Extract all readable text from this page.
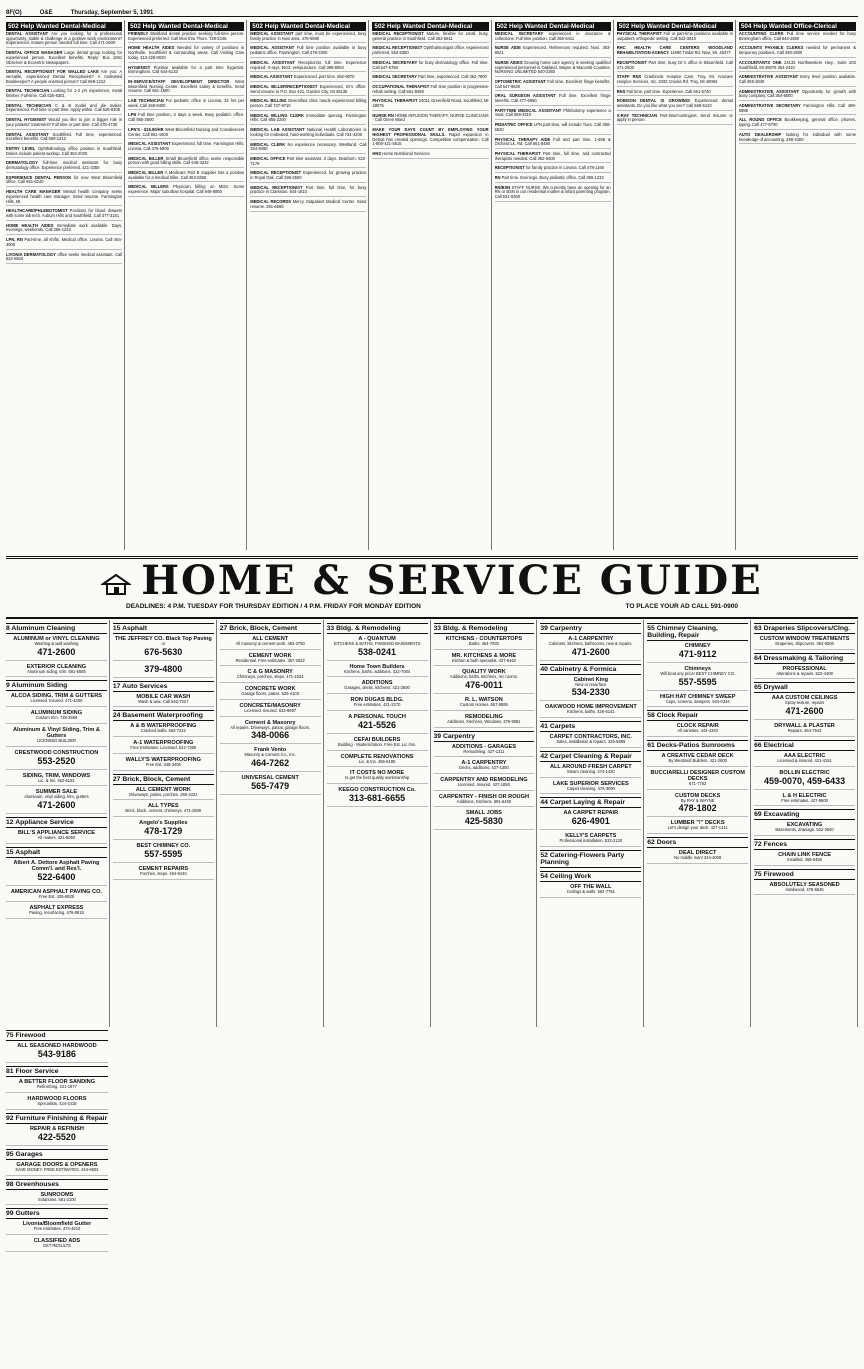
8F(O)	O&E	Thursday, September 5, 1991
502 Help Wanted Dental-Medical
DENTAL ASSISTANT Are you looking for a professional opportunity, stable & challenge in a positive work environment? Experienced, mature person needed full time. Call 471-2600
DENTAL OFFICE MANAGER Large dental group looking for experienced person. Excellent benefits. Reply: Box 1061 Observer & Eccentric Newspapers.
DENTAL RECEPTIONIST FOR WALLED LAKE Are you: A versatile, experienced Dental Receptionist? A motivated Bookkeeper? A people oriented person? Call 669-1212
DENTAL TECHNICIAN Looking for 1-3 yrs experience, metal finisher. Full-time. Call 625-8301
DENTAL TECHNICIAN C & B model and die maker. Experienced. Full time or part time. Apply within. Call 626-8305
DENTAL HYGIENIST Would you like to join a bigger role in your patients' treatment? Full time or part time. Call 478-4730
DENTAL ASSISTANT Southfield. Full time, experienced. Excellent benefits. Call 559-1212
ENTRY LEVEL Ophthalmology office position in Southfield. Duties include patient workup. Call 354-2020
DERMATOLOGY full-time medical assistant for busy dermatology office. Experience preferred. 421-3350
EXPERIENCE DENTAL PERSON for new West Bloomfield office. Call 851-6240
HEALTH CARE MANAGER Mental health company seeks experienced health care manager. Send resume. Farmington Hills, MI
HEALTHCARE/PHLEBOTOMIST Positions for blood drawers with some lab tech. Auburn Hills and Southfield. Call 377-3151
HOME HEALTH AIDES Immediate work available. Days, evenings, weekends. Call 356-1233
LPN, RN Part-time, all shifts. Medical office. Livonia. Call 464-3000
LIVONIA DERMATOLOGY office seeks medical assistant. Call 522-6510
502 Help Wanted Dental-Medical
FRIENDLY Westland dental practice seeking full-time person. Experienced preferred. Call Mon thru Thurs. 728-2346
HOME HEALTH AIDES Needed for variety of positions in Northville, Southfield & surrounding areas. Call Visiting Care today. 313-229-0020
HYGIENIST Position available for a part time hygienist. Birmingham. Call 644-6133
IN-SERVICE/STAFF DEVELOPMENT DIRECTOR West Bloomfield Nursing Center. Excellent salary & benefits. Send resume. Call 661-1600
LAB TECHNICIAN For pediatric office in Livonia, 32 hrs per week. Call 468-8400
LPN Full time position, 3 days a week. Busy pediatric office. Call 855-2600
LPN'S - $15.50/HR West Bloomfield Nursing and Convalescent Center. Call 661-1600
MEDICAL ASSISTANT Experienced, full time. Farmington Hills, Livonia. Call 476-5900
MEDICAL BILLER Small Bloomfield office seeks responsible person with good billing skills. Call 646-4242
MEDICAL BILLER A Medicare Part B Supplier has a position available for a medical biller. Call 363-0360
MEDICAL BILLERS Physician billing on MDS. Some experience. Major suburban hospital. Call 948-8860
502 Help Wanted Dental-Medical
MEDICAL ASSISTANT part time, must be experienced, busy family practice in Novi area. 478-0080
MEDICAL ASSISTANT Full time position available in busy pediatric office. Farmington. Call 478-3300
MEDICAL ASSISTANT Receptionist, full time. Experience required. X-rays, EKG, venipuncture. Call 399-8063
MEDICAL ASSISTANT Experienced, part time. 652-9070
MEDICAL BILLER/RECEPTIONIST Experienced, Dr's office. Send resume to P.O. Box 421, Garden City, MI 48135
MEDICAL BILLING Diversified clinic needs experienced billing person. Call 737-8710
MEDICAL BILLING CLERK Immediate opening. Farmington Hills. Call 855-2200
MEDICAL LAB ASSISTANT National Health Laboratories is looking for motivated, hard-working individuals. Call 734-4200
MEDICAL CLERK No experience necessary. Westland. Call 334-8490
MEDICAL OFFICE Part time assistant. 3 days. Dearborn. 522-7178
MEDICAL RECEPTIONIST Experienced, for growing practice in Royal Oak. Call 286-2500
MEDICAL RECEPTIONIST Part time, full time, for busy practice in Clarkston. 644-1810
MEDICAL RECORDS Mercy Outpatient Medical Center. Send resume. 261-6560
502 Help Wanted Dental-Medical
MEDICAL RECEPTIONIST Mature, flexible for small, busy, general practice in Southfield. Call 362-6611
MEDICAL RECEPTIONIST Ophthalmologist office, experienced preferred. 552-5350
MEDICAL SECRETARY for busy dermatology office. Full time. Call 647-5750
MEDICAL SECRETARY Part time, experienced. Call 352-7800
OCCUPATIONAL THERAPIST Full time position in progressive rehab setting. Call 661-8480
PHYSICAL THERAPIST 24011 Greenfield Road, Southfield, MI 48075
NURSE RN HOME INFUSION THERAPY, NURSE CLINICIANS - Call Glenn Ward
MAKE YOUR DAYS COUNT BY EMPLOYING YOUR HIGHEST PROFESSIONAL SKILLS. Rapid expansion in Detroit has created openings. Competitive compensation. Call 1-800-421-5515
HNS Home Nutritional Services
502 Help Wanted Dental-Medical
MEDICAL SECRETARY experienced in insurance & collections. Full time position. Call 356-6411
NURSE AIDE Experienced. References required. Novi. 363-8021
NURSE AIDES Growing home care agency is seeking qualified experienced personnel in Oakland, Wayne & Macomb Counties. NURSING UNLIMITED 540-2360
OPTOMETRIC ASSISTANT Full time. Excellent fringe benefits. Call 547-9830
ORAL SURGEON ASSISTANT Full time. Excellent fringe benefits. Call 477-6950
PART-TIME MEDICAL ASSISTANT Phlebotomy experience a must. Call 559-3310
PEDIATRIC OFFICE LPN part time, will include Tues. Call 358-6620
PHYSICAL THERAPY AIDE Full and part time. 1-696 & Orchard Lk. Rd. Call 661-8480
PHYSICAL THERAPIST Part time, full time, and contracted therapists needed. Call 362-0400
RECEPTIONIST for family practice in Livonia. Call 478-1166
RN Part time. Evenings. Busy pediatric office. Call 356-1233
RN/BSN STAFF NURSE. We currently have an opening for an RN or BSN in our residential mother & infant parenting program. Call 531-5300
502 Help Wanted Dental-Medical
PHYSICAL THERAPIST Full or part-time positions available in outpatient orthopedic setting. Call 542-3910
RHC HEALTH CARE CENTERS WOODLAND REHABILITATION AGENCY 11990 Tindal Rd. Novi, MI. 48377
RECEPTIONIST Part time, busy Dr.'s office in Bloomfield. Call 471-2600
STAFF RNS Cranbrook Hospice Care, Troy, MI. Amicare Hospice Services, Inc. 3333 Crooks Rd. Troy, MI 48084
RNS Full time, part time. Experience. Call 661-6740
ROBISON DENTAL IS GROWING! Experienced dental assistants. Do you like what you see? Call 669-5410
X-RAY TECHNICIAN Part-time/contingent. Send resume or apply in person.
504 Help Wanted Office-Clerical
ACCOUNTING CLERK Full time service needed for busy Birmingham office. Call 644-2600
ACCOUNTS PAYABLE CLERKS needed for permanent & temporary positions. Call 350-2600
ACCOUNTANTS ONE 24133 Northwestern Hwy., Suite 202 Southfield, MI 48075 354-2410
ADMINISTRATIVE ASSISTANT Entry level position available. Call 355-3040
ADMINISTRATIVE ASSISTANT Opportunity for growth with busy company. Call 354-8500
ADMINISTRATIVE SECRETARY Farmington Hills. Call 489-0888
ALL ROUND OFFICE Bookkeeping, general office, phones, typing. Call 477-8700
AUTO DEALERSHIP looking for individual with some knowledge of accounting. 258-4300
HOME & SERVICE GUIDE
DEADLINES: 4 P.M. TUESDAY FOR THURSDAY EDITION / 4 P.M. FRIDAY FOR MONDAY EDITION	TO PLACE YOUR AD CALL 591-0900
8 Aluminum Cleaning
ALUMINUM or VINYL CLEANING
Washing & wall washing
471-2600
EXTERIOR CLEANING
Aluminum siding, trim. 591-5556
9 Aluminum Siding
ALCOA SIDING, TRIM & GUTTERS
Licensed. Insured. 471-4300
ALUMINUM SIDING
Custom trim. 728-2869
Aluminum & Vinyl Siding, Trim & Gutters
LICENSED BUILDER
CRESTWOOD CONSTRUCTION
553-2520
SIDING, TRIM, WINDOWS
Lic. & Ins. 462-6181
SUMMER SALE
Aluminum, vinyl siding, trim, gutters
471-2600
12 Appliance Service
BILL'S APPLIANCE SERVICE
All makes. 421-5050
15 Asphalt
Albert A. Dettore Asphalt Paving Comm'l. and Res'l.
522-6400
AMERICAN ASPHALT PAVING CO.
Free Est. 435-6928
ASPHALT EXPRESS
Paving, resurfacing. 476-8815
15 Asphalt
THE JEFFREY CO. Black Top Paving
or
676-5630
379-4800
17 Auto Services
MOBILE CAR WASH
Wash & wax. Call 562-7227
24 Basement Waterproofing
A & B WATERPROOFING
Cracked walls. 563-7222
A-1 WATERPROOFING
Free Estimates. Licensed. 522-7390
WALLY'S WATERPROOFING
Free Est. 348-3406
27 Brick, Block, Cement
ALL CEMENT WORK
Driveways, patios, porches. 255-2222
ALL TYPES
Brick, block, cement, chimneys. 471-2600
Angelo's Supplies
478-1729
BEST CHIMNEY CO.
557-5595
CEMENT REPAIRS
Porches, steps. 464-8440
27 Brick, Block, Cement
ALL CEMENT
All masonry & cement work. 453-3750
CEMENT WORK
Residential. Free estimates. 357-2822
C & G MASONRY
Chimneys, porches, steps. 471-1534
CONCRETE WORK
Garage floors, patios. 525-4103
CONCRETE/MASONRY
Licensed. Insured. 532-8897
Cement & Masonry
All repairs. Driveways, patios, garage floors.
348-0066
Frank Vento
Masonry & Cement Co., Inc.
464-7262
UNIVERSAL CEMENT
565-7479
33 Bldg. & Remodeling
A - QUANTUM
KITCHENS & BATHS, FINISHED BASEMENTS
538-0241
Home Town Builders
Kitchens, baths, additions. 422-7004
ADDITIONS
Garages, decks, kitchens. 421-2500
RON DUGAS BLDG.
Free estimates. 421-2270
A PERSONAL TOUCH
421-5526
CEFAI BUILDERS
Building - Modernization. Free Est. Lic./Ins.
COMPLETE RENOVATIONS
Lic. & Ins. 455-6180
IT COSTS NO MORE
to get the best quality workmanship
KEEGO CONSTRUCTION Co.
313-681-6655
33 Bldg. & Remodeling
KITCHENS - COUNTERTOPS
Baths. 464-7930
MR. KITCHENS & MORE
Kitchen & bath specialist. 427-6462
QUALITY WORK
Additions, baths, kitchens, rec rooms.
476-0011
R. L. WATSON
Custom Homes. 557-5595
REMODELING
Additions, Kitchens, Windows. 375-9081
39 Carpentry
ADDITIONS - GARAGES
Remodeling. 427-1311
A-1 CARPENTRY
Decks, additions. 427-1350
CARPENTRY AND REMODELING
Licensed. Insured. 427-1850
CARPENTRY - FINISH OR ROUGH
Additions, Kitchens. 691-6450
SMALL JOBS
425-5830
39 Carpentry
A-1 CARPENTRY
Cabinets, kitchens, bathrooms, new & repairs.
471-2600
40 Cabinetry & Formica
Cabinet King
New or resurface
534-2330
OAKWOOD HOME IMPROVEMENT
Kitchens, baths. 426-6141
41 Carpets
CARPET CONTRACTORS, INC.
Sales, installation & repairs. 326-5899
42 Carpet Cleaning & Repair
ALL AROUND FRESH CARPET
Steam cleaning. 474-1420
LAKE SUPERIOR SERVICES
Carpet cleaning. 476-3090
44 Carpet Laying & Repair
AA CARPET REPAIR
626-4901
KELLY'S CARPETS
Professional installation. 532-2130
52 Catering-Flowers Party Planning
54 Ceiling Work
OFF THE WALL
Ceilings & walls. 562-7751
55 Chimney Cleaning, Building, Repair
CHIMNEY
471-9112
Chimneys
Will beat any price! BEST CHIMNEY CO.
557-5595
HIGH HAT CHIMNEY SWEEP
Caps, screens, dampers. 534-0334
58 Clock Repair
CLOCK REPAIR
All varieties. 444-4340
61 Decks-Patios Sunrooms
A CREATIVE CEDAR DECK
By Westland Builders. 421-2600
BUCCIARELLI DESIGNER CUSTOM DECKS
671-7762
CUSTOM DECKS
By RAY & WAYNE
478-1802
LUMBER "!" DECKS
Let's design your deck. 427-1411
62 Doors
DEAL DIRECT
No middle man! 344-4008
63 Draperies Slipcovers/Clng.
CUSTOM WINDOW TREATMENTS
Draperies, Slipcovers. 353-8006
64 Dressmaking & Tailoring
PROFESSIONAL
Alterations & repairs. 522-4408
65 Drywall
AAA CUSTOM CEILINGS
Spray texture, repairs
471-2600
DRYWALL & PLASTER
Repairs. 464-7543
66 Electrical
AAA ELECTRIC
Licensed & insured. 421-4151
BOLLIN ELECTRIC
459-0070, 459-6433
L & H ELECTRIC
Free estimates. 427-9600
69 Excavating
EXCAVATING
Basements, drainage. 522-3640
72 Fences
CHAIN LINK FENCE
Installed. 459-0455
75 Firewood
ABSOLUTELY SEASONED
Hardwood. 478-5545
75 Firewood
ALL SEASONED HARDWOOD
543-9186
81 Floor Service
A BETTER FLOOR SANDING
Refinishing. 421-1977
HARDWOOD FLOORS
Specialists. 424-4418
92 Furniture Finishing & Repair
REPAIR & REFINISH
422-5520
95 Garages
GARAGE DOORS & OPENERS
SAVE MONEY. FREE ESTIMATES. 444-6503
98 Greenhouses
SUNROOMS
Solariums. 581-2100
99 Gutters
Livonia/Bloomfield Gutter
Free estimates. 474-4610
CLASSIFIED ADS
GET RESULTS
